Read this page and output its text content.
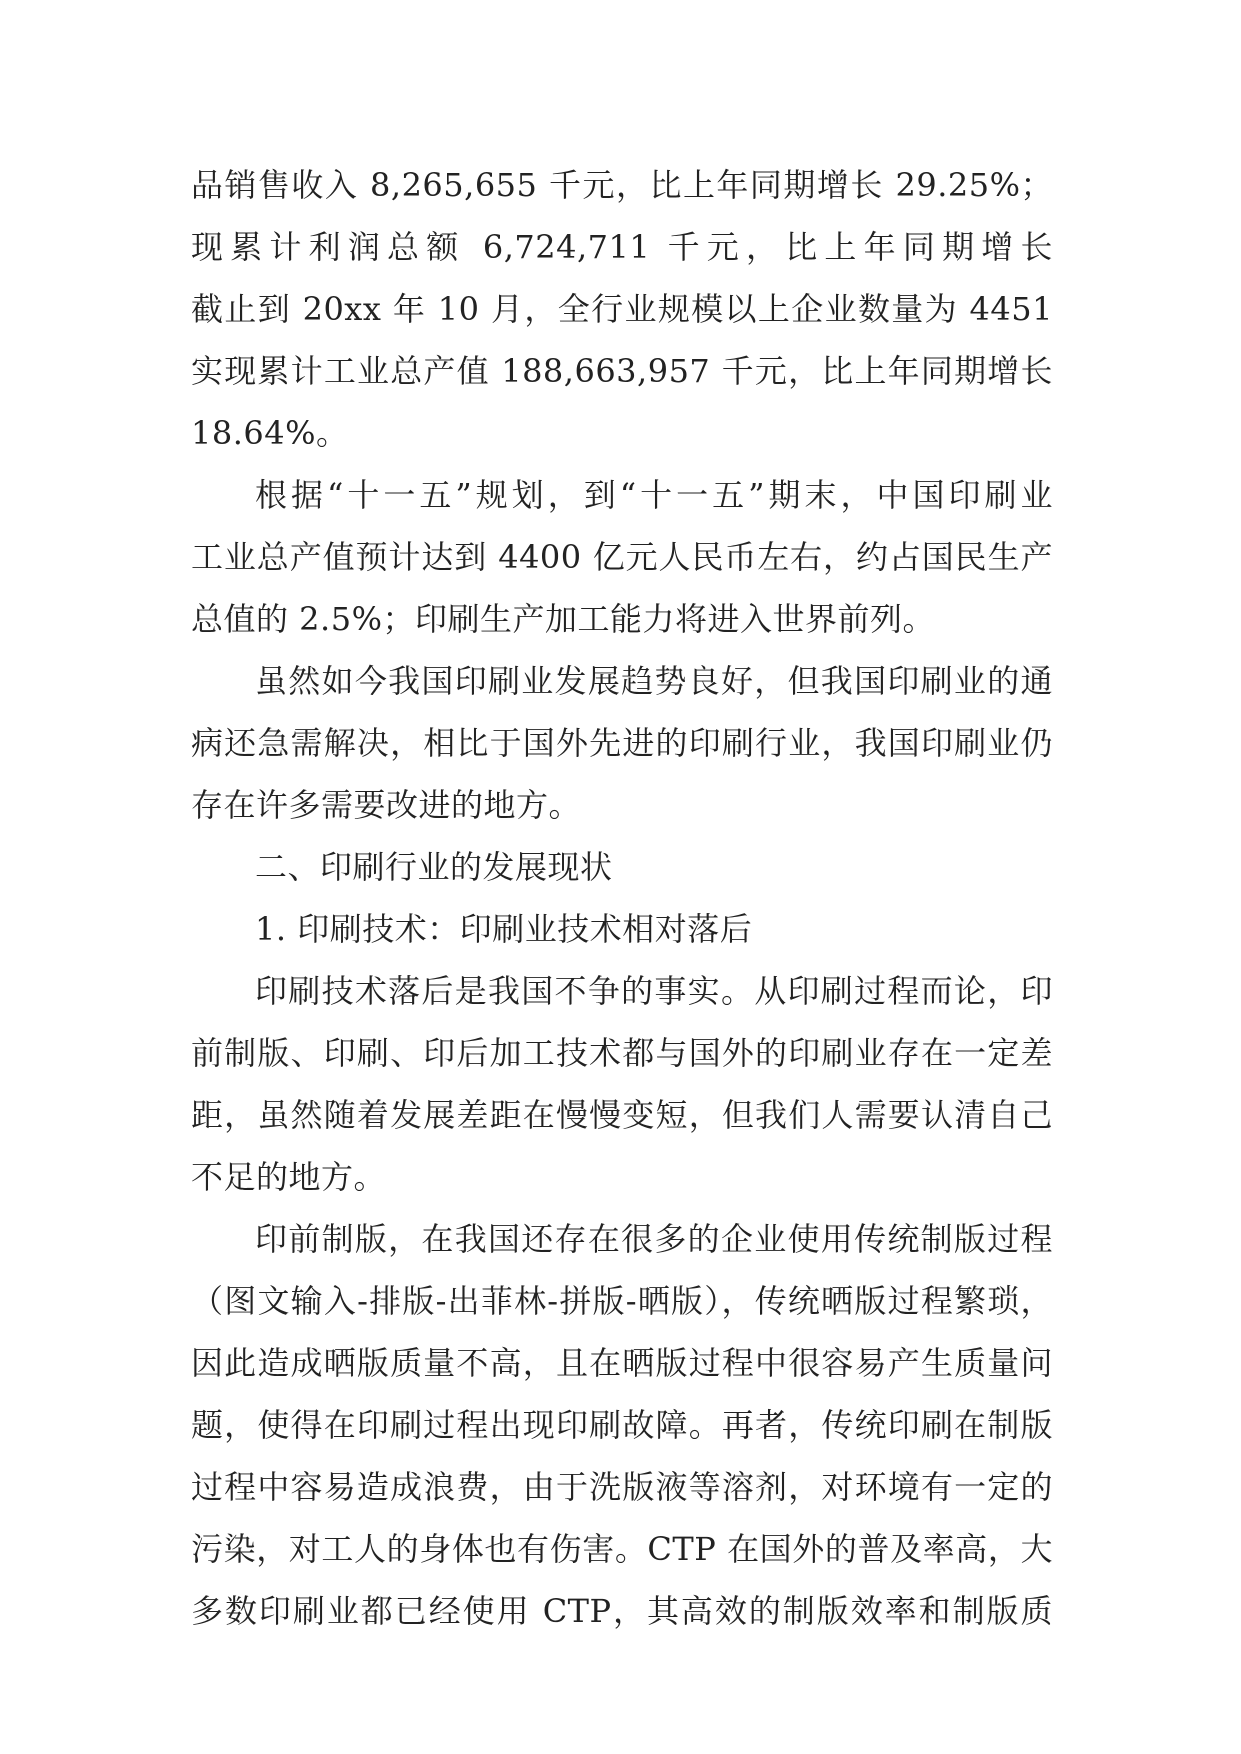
品销售收入 8,265,655 千元，比上年同期增长 29.25%；
现累计利润总额 6,724,711 千元，比上年同期增长
截止到 20xx 年 10 月，全行业规模以上企业数量为 4451
实现累计工业总产值 188,663,957 千元，比上年同期增长
18.64%。
根据“十一五”规划，到“十一五”期末，中国印刷业
工业总产值预计达到 4400 亿元人民币左右，约占国民生产
总值的 2.5%；印刷生产加工能力将进入世界前列。
虽然如今我国印刷业发展趋势良好，但我国印刷业的通
病还急需解决，相比于国外先进的印刷行业，我国印刷业仍
存在许多需要改进的地方。
二、印刷行业的发展现状
1. 印刷技术：印刷业技术相对落后
印刷技术落后是我国不争的事实。从印刷过程而论，印
前制版、印刷、印后加工技术都与国外的印刷业存在一定差
距，虽然随着发展差距在慢慢变短，但我们人需要认清自己
不足的地方。
印前制版，在我国还存在很多的企业使用传统制版过程
（图文输入-排版-出菲林-拼版-晒版），传统晒版过程繁琐，
因此造成晒版质量不高，且在晒版过程中很容易产生质量问
题，使得在印刷过程出现印刷故障。再者，传统印刷在制版
过程中容易造成浪费，由于洗版液等溶剂，对环境有一定的
污染，对工人的身体也有伤害。CTP 在国外的普及率高，大
多数印刷业都已经使用 CTP，其高效的制版效率和制版质
